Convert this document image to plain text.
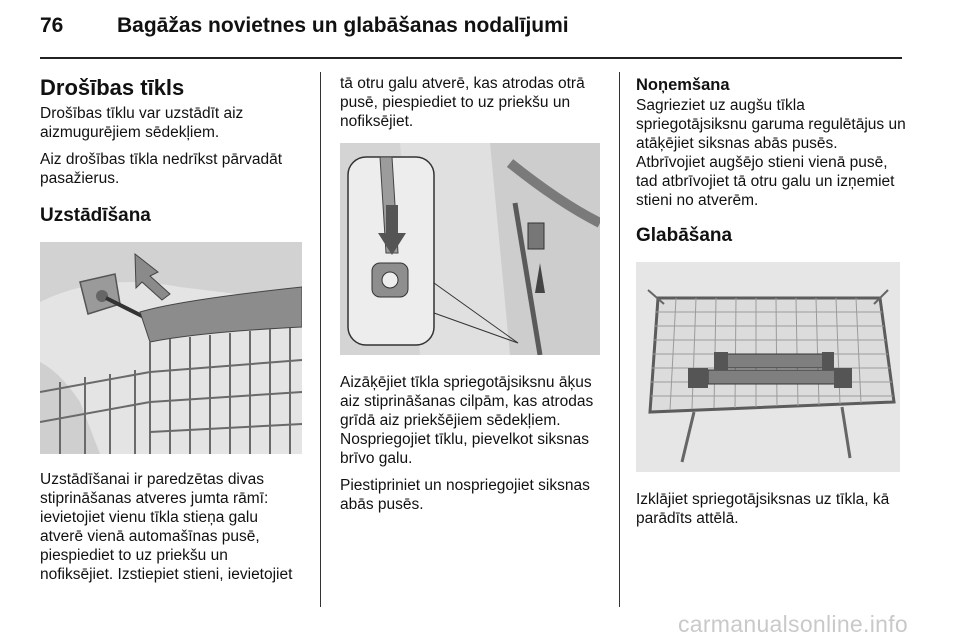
76	Bagāžas novietnes un glabāšanas nodalījumi
Drošības tīkls

Drošības tīklu var uzstādīt aiz aizmugurējiem sēdekļiem.

Aiz drošības tīkla nedrīkst pārvadāt pasažierus.

Uzstādīšana

Uzstādīšanai ir paredzētas divas stiprināšanas atveres jumta rāmī: ievietojiet vienu tīkla stieņa galu atverē vienā automašīnas pusē, piespiediet to uz priekšu un nofiksējiet. Izstiepiet stieni, ievietojiet

tā otru galu atverē, kas atrodas otrā pusē, piespiediet to uz priekšu un nofiksējiet.

Aizāķējiet tīkla spriegotājsiksnu āķus aiz stiprināšanas cilpām, kas atrodas grīdā aiz priekšējiem sēdekļiem. Nospriegojiet tīklu, pievelkot siksnas brīvo galu.

Piestipriniet un nospriegojiet siksnas abās pusēs.

Noņemšana

Sagrieziet uz augšu tīkla spriegotājsiksnu garuma regulētājus un atāķējiet siksnas abās pusēs. Atbrīvojiet augšējo stieni vienā pusē, tad atbrīvojiet tā otru galu un izņemiet stieni no atverēm.

Glabāšana

Izklājiet spriegotājsiksnas uz tīkla, kā parādīts attēlā.

carmanualsonline.info
